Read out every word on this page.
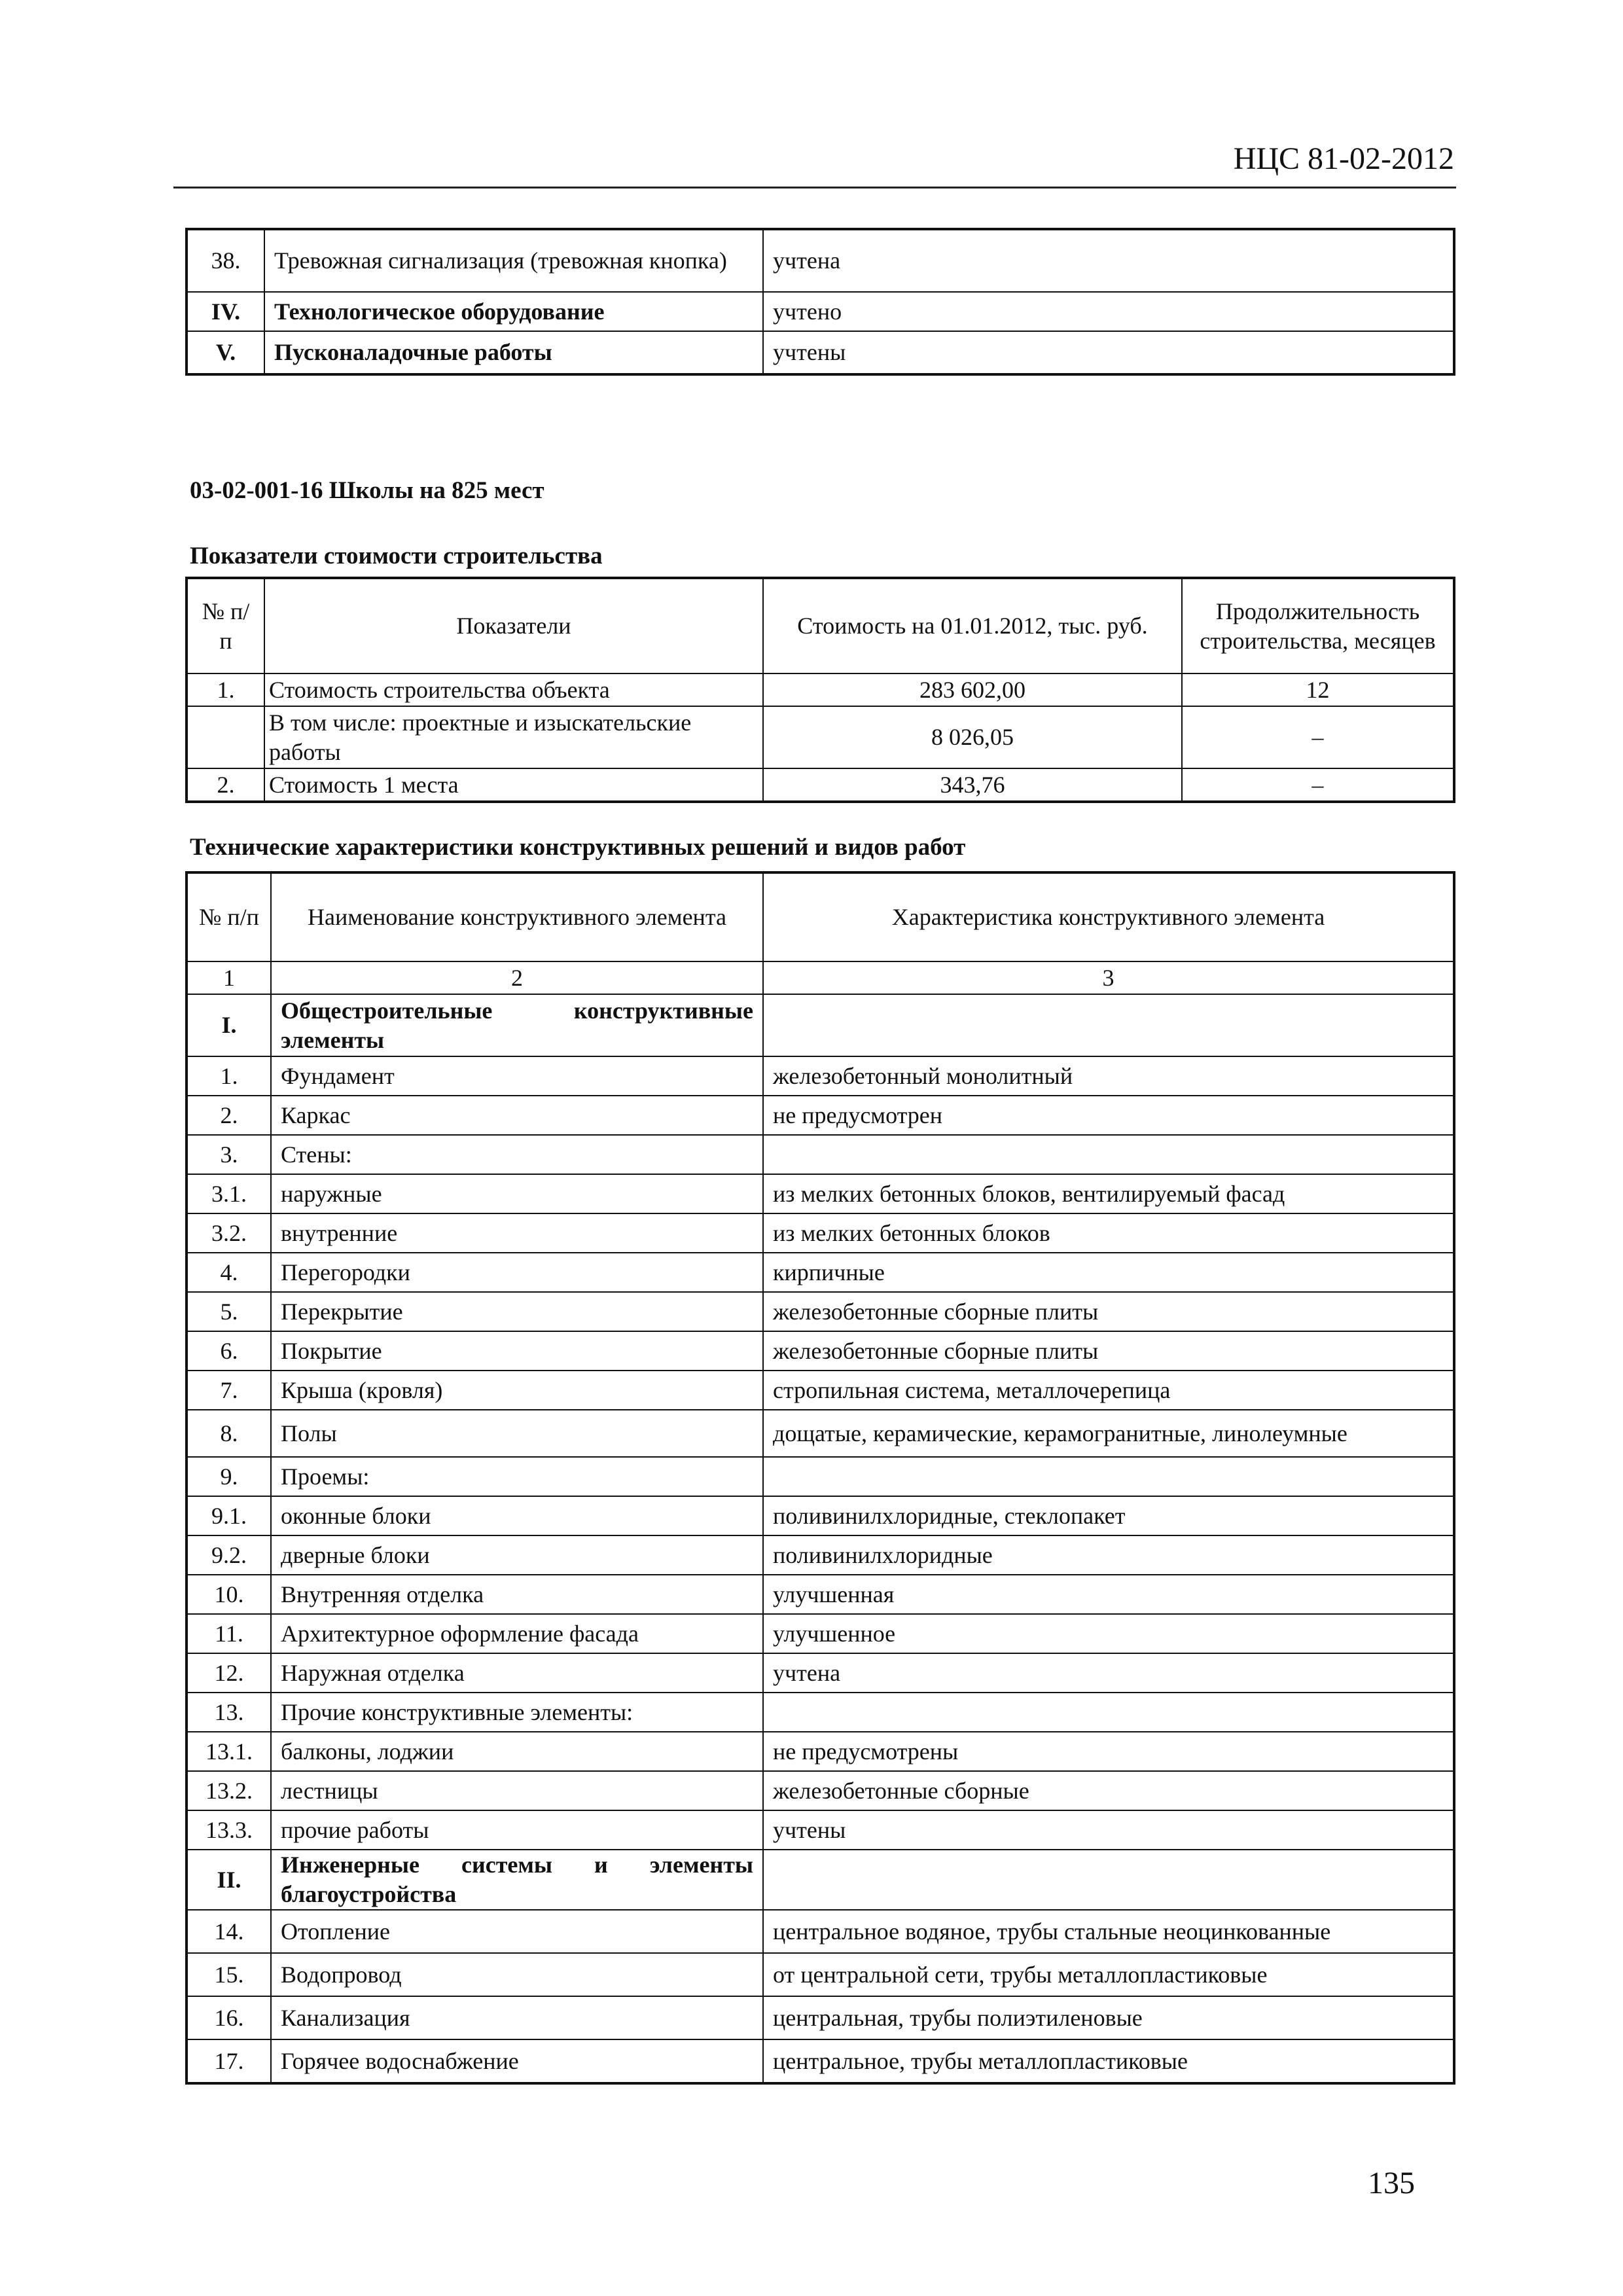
НЦС 81-02-2012
38.	Тревожная сигнализация (тревожная кнопка)	учтена
IV.	Технологическое оборудование	учтено
V.	Пусконаладочные работы	учтены
03-02-001-16 Школы на 825 мест
Показатели стоимости строительства
№ п/п	Показатели	Стоимость на 01.01.2012, тыс. руб.	Продолжительность строительства, месяцев
1.	Стоимость строительства объекта	283 602,00	12
	В том числе: проектные и изыскательские работы	8 026,05	–
2.	Стоимость 1 места	343,76	–
Технические характеристики конструктивных решений и видов работ
№ п/п	Наименование конструктивного элемента	Характеристика конструктивного элемента
1	2	3
I.	Общестроительные конструктивные элементы	
1.	Фундамент	железобетонный монолитный
2.	Каркас	не предусмотрен
3.	Стены:	
3.1.	наружные	из мелких бетонных блоков, вентилируемый фасад
3.2.	внутренние	из мелких бетонных блоков
4.	Перегородки	кирпичные
5.	Перекрытие	железобетонные сборные плиты
6.	Покрытие	железобетонные сборные плиты
7.	Крыша (кровля)	стропильная система, металлочерепица
8.	Полы	дощатые, керамические, керамогранитные, линолеумные
9.	Проемы:	
9.1.	оконные блоки	поливинилхлоридные, стеклопакет
9.2.	дверные блоки	поливинилхлоридные
10.	Внутренняя отделка	улучшенная
11.	Архитектурное оформление фасада	улучшенное
12.	Наружная отделка	учтена
13.	Прочие конструктивные элементы:	
13.1.	балконы, лоджии	не предусмотрены
13.2.	лестницы	железобетонные сборные
13.3.	прочие работы	учтены
II.	Инженерные системы и элементы благоустройства	
14.	Отопление	центральное водяное, трубы стальные неоцинкованные
15.	Водопровод	от центральной сети, трубы металлопластиковые
16.	Канализация	центральная, трубы полиэтиленовые
17.	Горячее водоснабжение	центральное, трубы металлопластиковые
135
